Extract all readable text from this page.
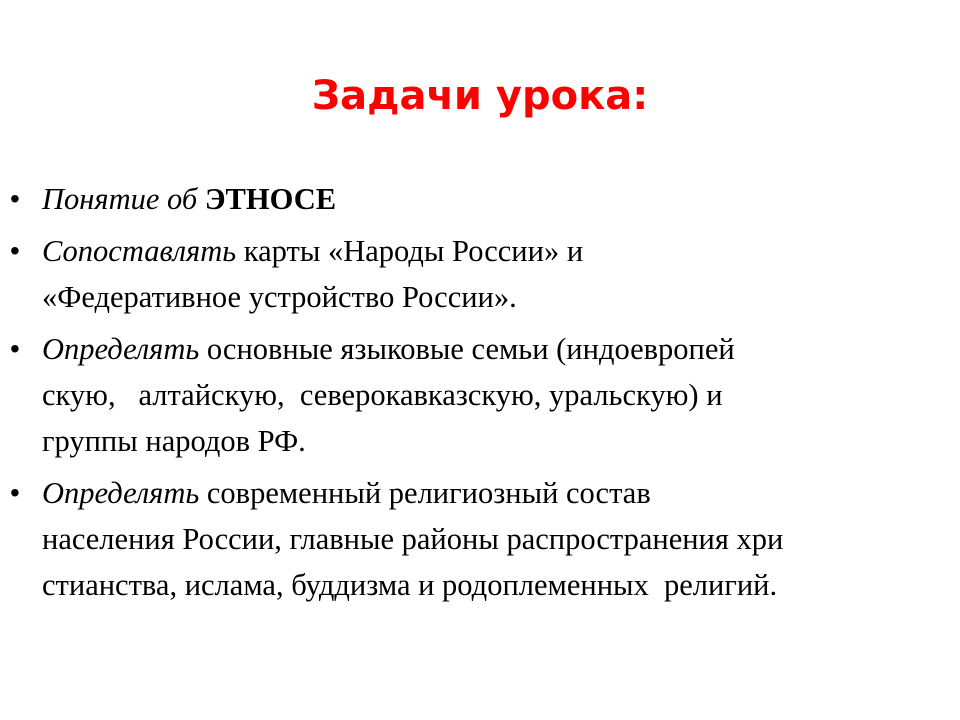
Задачи урока:
• Понятие об ЭТНОСЕ
• Сопоставлять карты «Народы России» и
«Федеративное устройство России».
• Определять основные языковые семьи (индоевропей
скую,   алтайскую,  северокавказскую, уральскую) и
группы народов РФ.
• Определять современный религиозный состав
населения России, главные районы распространения хри
стианства, ислама, буддизма и родоплеменных  религий.
